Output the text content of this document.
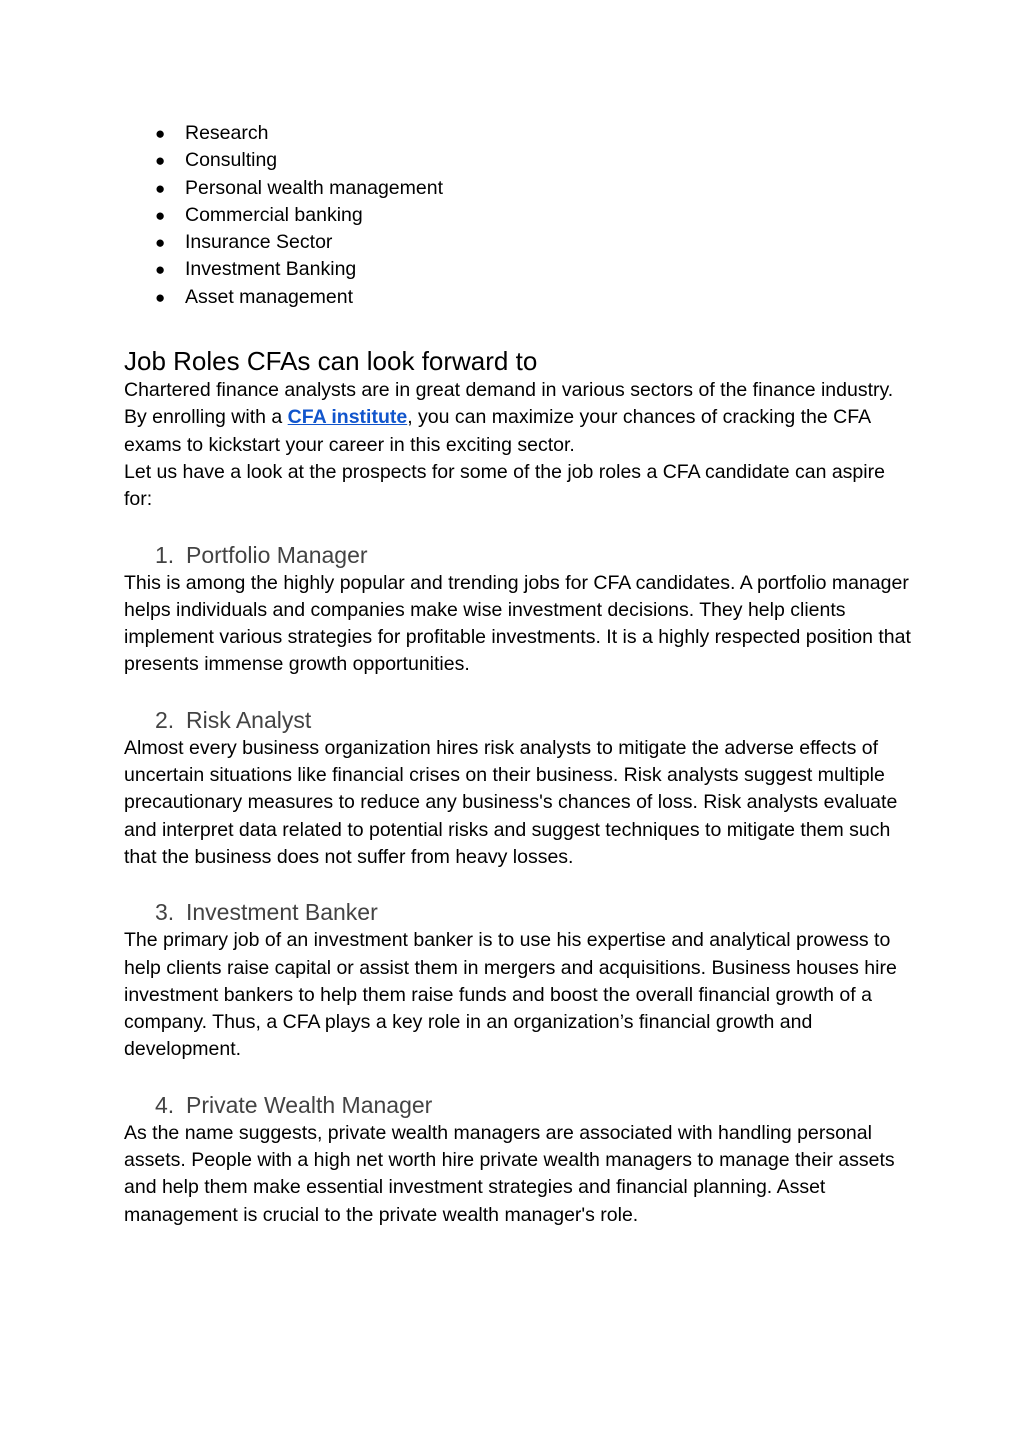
● Research
● Consulting
● Personal wealth management
● Commercial banking
● Insurance Sector
● Investment Banking
● Asset management
Job Roles CFAs can look forward to

Chartered finance analysts are in great demand in various sectors of the finance industry. By enrolling with a CFA institute, you can maximize your chances of cracking the CFA exams to kickstart your career in this exciting sector.

Let us have a look at the prospects for some of the job roles a CFA candidate can aspire for:

1. Portfolio Manager

This is among the highly popular and trending jobs for CFA candidates. A portfolio manager helps individuals and companies make wise investment decisions. They help clients implement various strategies for profitable investments. It is a highly respected position that presents immense growth opportunities.

2. Risk Analyst

Almost every business organization hires risk analysts to mitigate the adverse effects of uncertain situations like financial crises on their business. Risk analysts suggest multiple precautionary measures to reduce any business's chances of loss. Risk analysts evaluate and interpret data related to potential risks and suggest techniques to mitigate them such that the business does not suffer from heavy losses.

3. Investment Banker

The primary job of an investment banker is to use his expertise and analytical prowess to help clients raise capital or assist them in mergers and acquisitions. Business houses hire investment bankers to help them raise funds and boost the overall financial growth of a company. Thus, a CFA plays a key role in an organization’s financial growth and development.

4. Private Wealth Manager

As the name suggests, private wealth managers are associated with handling personal assets. People with a high net worth hire private wealth managers to manage their assets and help them make essential investment strategies and financial planning. Asset management is crucial to the private wealth manager's role.
